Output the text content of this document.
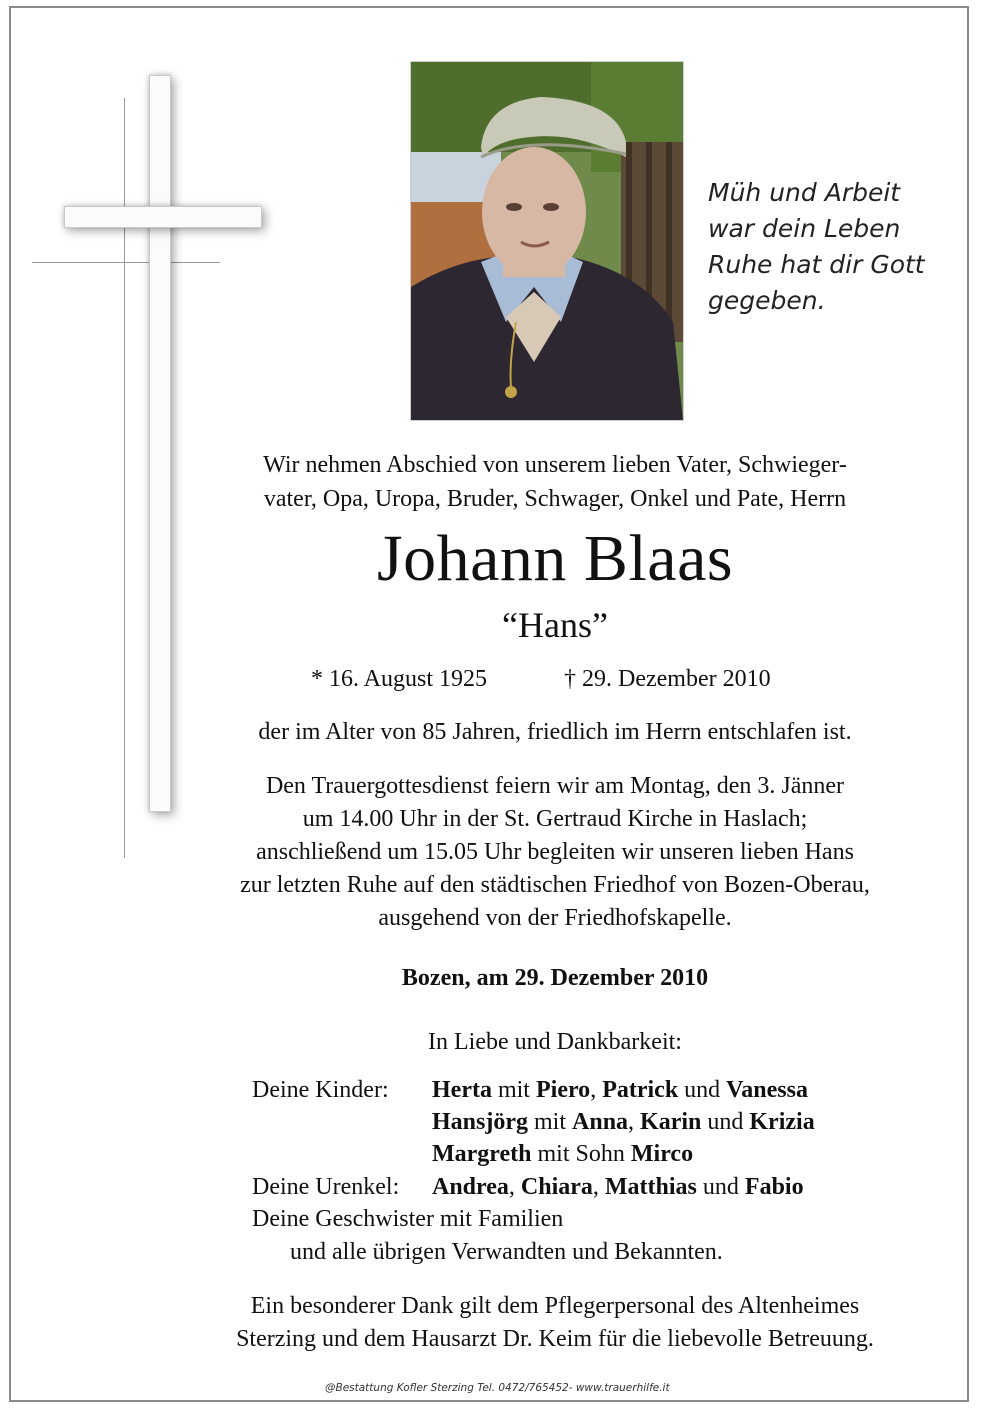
Müh und Arbeit
war dein Leben
Ruhe hat dir Gott
gegeben.
Wir nehmen Abschied von unserem lieben Vater, Schwieger-
vater, Opa, Uropa, Bruder, Schwager, Onkel und Pate, Herrn
Johann Blaas
“Hans”
* 16. August 1925	† 29. Dezember 2010
der im Alter von 85 Jahren, friedlich im Herrn entschlafen ist.
Den Trauergottesdienst feiern wir am Montag, den 3. Jänner
um 14.00 Uhr in der St. Gertraud Kirche in Haslach;
anschließend um 15.05 Uhr begleiten wir unseren lieben Hans
zur letzten Ruhe auf den städtischen Friedhof von Bozen-Oberau,
ausgehend von der Friedhofskapelle.
Bozen, am 29. Dezember 2010
In Liebe und Dankbarkeit:
Deine Kinder: Herta mit Piero, Patrick und Vanessa
Hansjörg mit Anna, Karin und Krizia
Margreth mit Sohn Mirco
Deine Urenkel: Andrea, Chiara, Matthias und Fabio
Deine Geschwister mit Familien
und alle übrigen Verwandten und Bekannten.
Ein besonderer Dank gilt dem Pflegerpersonal des Altenheimes
Sterzing und dem Hausarzt Dr. Keim für die liebevolle Betreuung.
@Bestattung Kofler Sterzing Tel. 0472/765452- www.trauerhilfe.it
